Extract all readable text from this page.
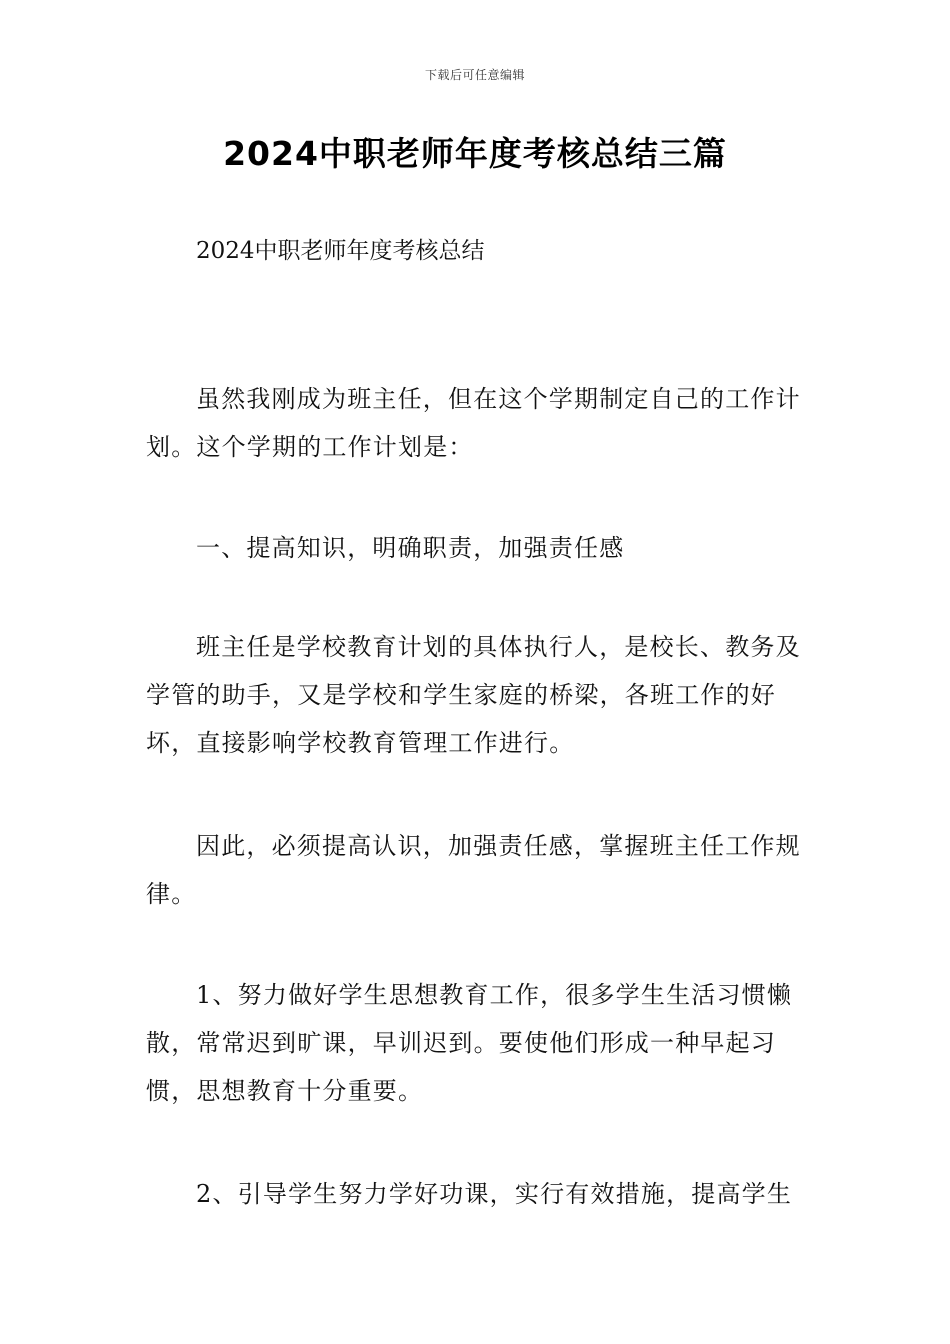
下载后可任意编辑
2024中职老师年度考核总结三篇

2024中职老师年度考核总结

虽然我刚成为班主任，但在这个学期制定自己的工作计划。这个学期的工作计划是：

一、提高知识，明确职责，加强责任感

班主任是学校教育计划的具体执行人，是校长、教务及学管的助手，又是学校和学生家庭的桥梁，各班工作的好坏，直接影响学校教育管理工作进行。

因此，必须提高认识，加强责任感，掌握班主任工作规律。

1、努力做好学生思想教育工作，很多学生生活习惯懒散，常常迟到旷课，早训迟到。要使他们形成一种早起习惯，思想教育十分重要。

2、引导学生努力学好功课，实行有效措施，提高学生
